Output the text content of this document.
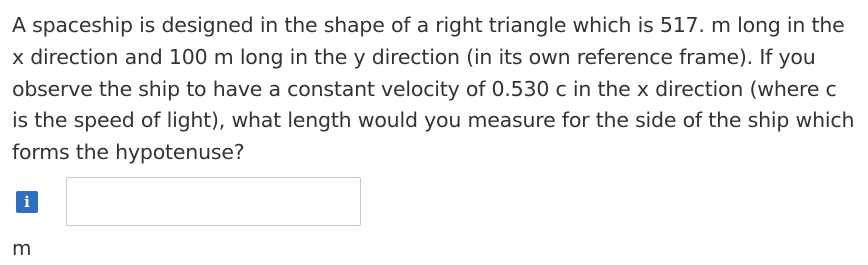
A spaceship is designed in the shape of a right triangle which is 517. m long in the x direction and 100 m long in the y direction (in its own reference frame). If you observe the ship to have a constant velocity of 0.530 c in the x direction (where c is the speed of light), what length would you measure for the side of the ship which forms the hypotenuse?

i
m
